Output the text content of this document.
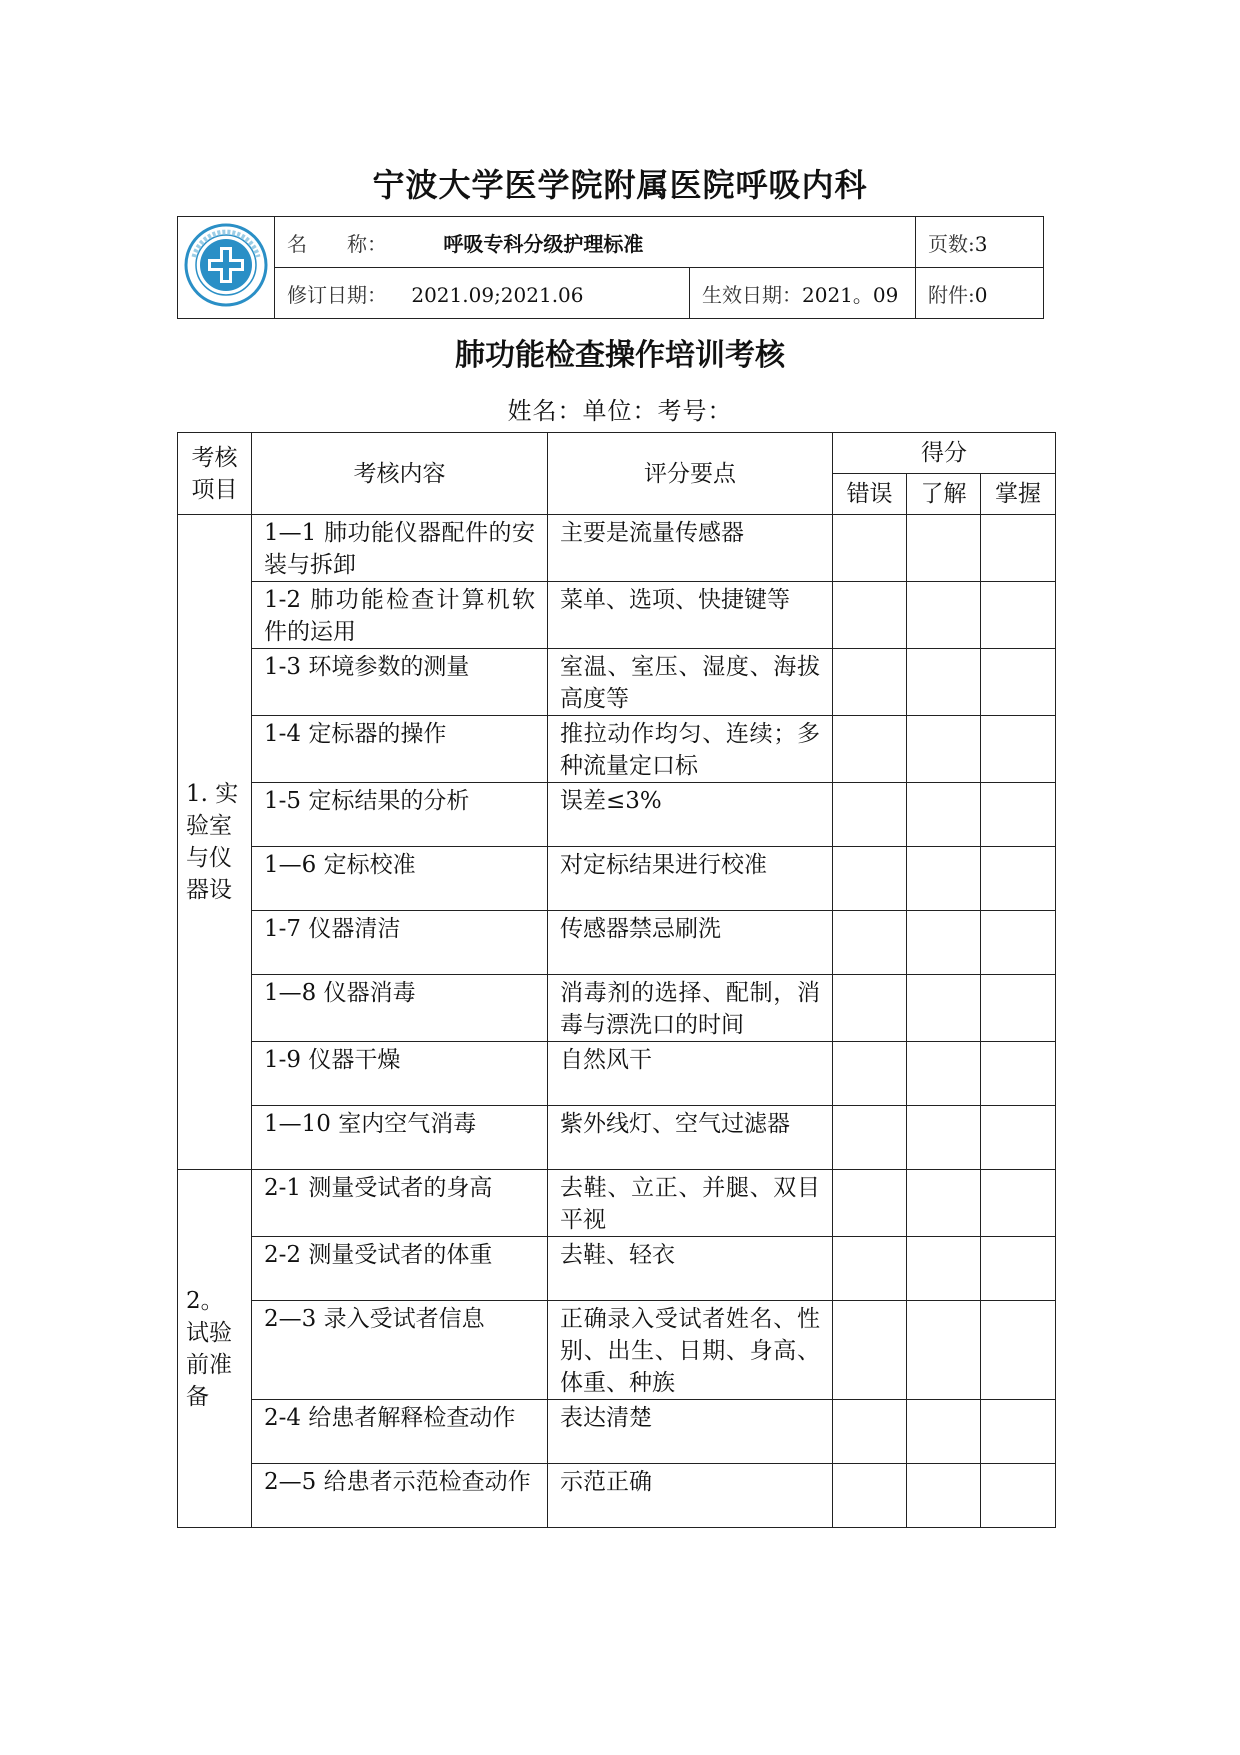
宁波大学医学院附属医院呼吸内科
	名　　称： 呼吸专科分级护理标准		页数:3
	修订日期： 2021.09;2021.06	生效日期：2021。09	附件:0
肺功能检查操作培训考核
姓名：单位：考号：
考核项目	考核内容	评分要点	得分		
			错误	了解	掌握
1. 实验室与仪器设	1—1 肺功能仪器配件的安装与拆卸	主要是流量传感器			
	1-2 肺功能检查计算机软件的运用	菜单、选项、快捷键等			
	1-3 环境参数的测量	室温、室压、湿度、海拔高度等			
	1-4 定标器的操作	推拉动作均匀、连续；多种流量定口标			
	1-5 定标结果的分析	误差≤3%			
	1—6 定标校准	对定标结果进行校准			
	1-7 仪器清洁	传感器禁忌刷洗			
	1—8 仪器消毒	消毒剂的选择、配制，消毒与漂洗口的时间			
	1-9 仪器干燥	自然风干			
	1—10 室内空气消毒	紫外线灯、空气过滤器			
2。试验前准备	2-1 测量受试者的身高	去鞋、立正、并腿、双目平视			
	2-2 测量受试者的体重	去鞋、轻衣			
	2—3 录入受试者信息	正确录入受试者姓名、性别、出生、日期、身高、体重、种族			
	2-4 给患者解释检查动作	表达清楚			
	2—5 给患者示范检查动作	示范正确			
